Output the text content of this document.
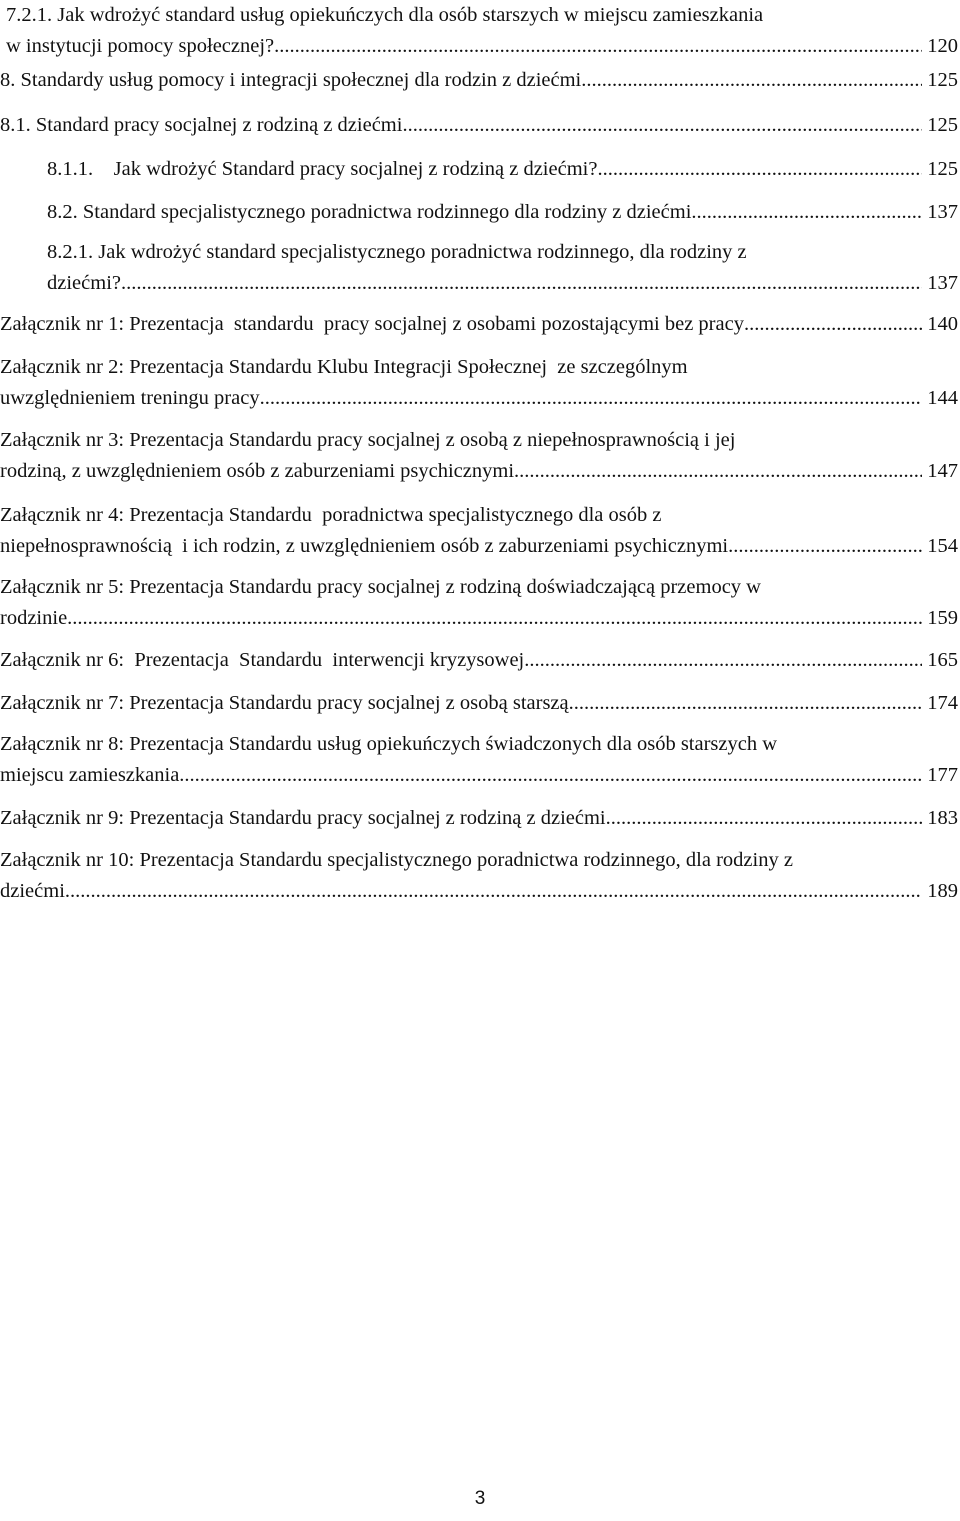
7.2.1. Jak wdrożyć standard usług opiekuńczych dla osób starszych w miejscu zamieszkania
w instytucji pomocy społecznej? .....	120
8. Standardy usług pomocy i integracji społecznej dla rodzin z dziećmi .....	125
8.1. Standard pracy socjalnej z rodziną z dziećmi .....	125
8.1.1.    Jak wdrożyć Standard pracy socjalnej z rodziną z dziećmi? .....	125
8.2. Standard specjalistycznego poradnictwa rodzinnego dla rodziny z dziećmi .....	137
8.2.1. Jak wdrożyć standard specjalistycznego poradnictwa rodzinnego, dla rodziny z
dziećmi? .....	137
Załącznik nr 1: Prezentacja  standardu  pracy socjalnej z osobami pozostającymi bez pracy .....	140
Załącznik nr 2: Prezentacja Standardu Klubu Integracji Społecznej  ze szczególnym
uwzględnieniem treningu pracy .....	144
Załącznik nr 3: Prezentacja Standardu pracy socjalnej z osobą z niepełnosprawnością i jej
rodziną, z uwzględnieniem osób z zaburzeniami psychicznymi .....	147
Załącznik nr 4: Prezentacja Standardu  poradnictwa specjalistycznego dla osób z
niepełnosprawnością  i ich rodzin, z uwzględnieniem osób z zaburzeniami psychicznymi .....	154
Załącznik nr 5: Prezentacja Standardu pracy socjalnej z rodziną doświadczającą przemocy w
rodzinie .....	159
Załącznik nr 6:  Prezentacja  Standardu  interwencji kryzysowej .....	165
Załącznik nr 7: Prezentacja Standardu pracy socjalnej z osobą starszą .....	174
Załącznik nr 8: Prezentacja Standardu usług opiekuńczych świadczonych dla osób starszych w
miejscu zamieszkania .....	177
Załącznik nr 9: Prezentacja Standardu pracy socjalnej z rodziną z dziećmi .....	183
Załącznik nr 10: Prezentacja Standardu specjalistycznego poradnictwa rodzinnego, dla rodziny z
dziećmi .....	189
3
